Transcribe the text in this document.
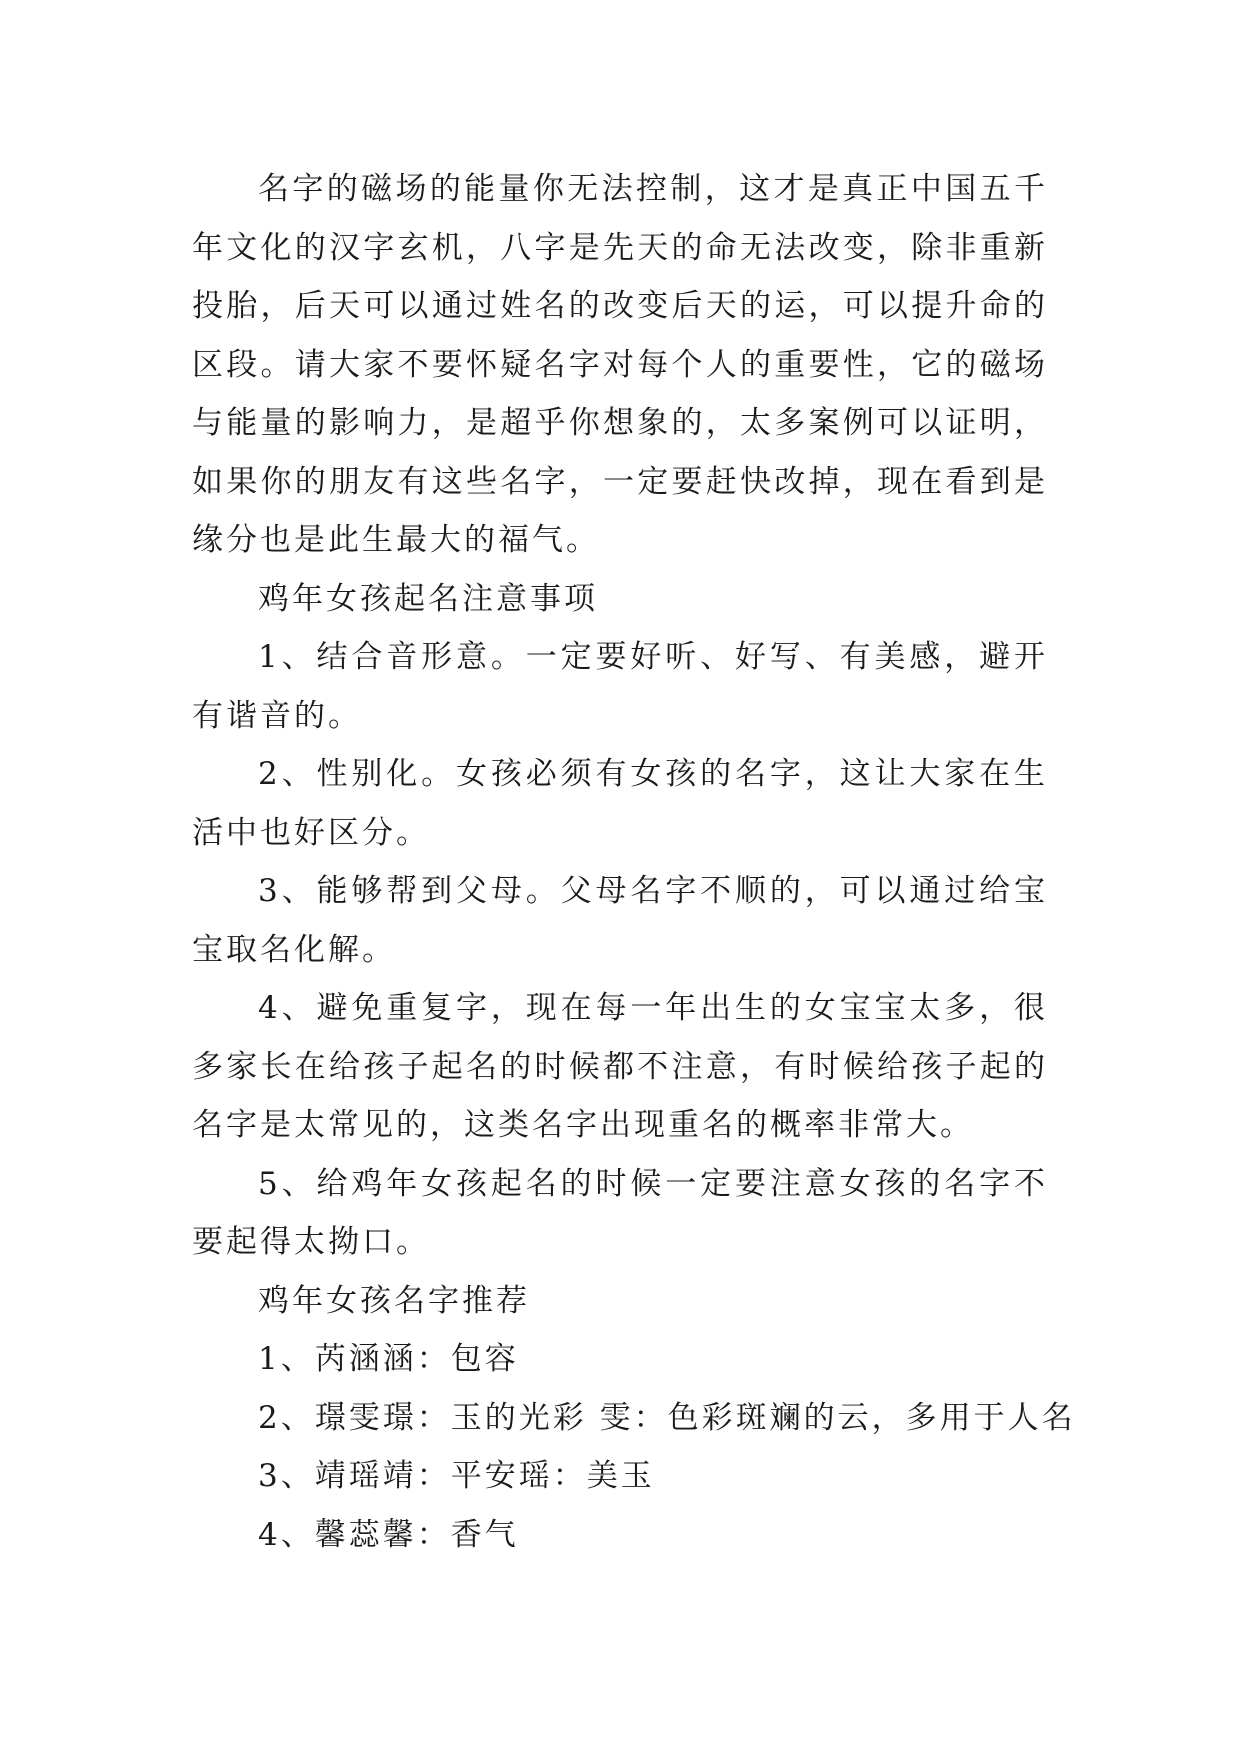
名字的磁场的能量你无法控制，这才是真正中国五千年文化的汉字玄机，八字是先天的命无法改变，除非重新投胎，后天可以通过姓名的改变后天的运，可以提升命的区段。请大家不要怀疑名字对每个人的重要性，它的磁场与能量的影响力，是超乎你想象的，太多案例可以证明，如果你的朋友有这些名字，一定要赶快改掉，现在看到是缘分也是此生最大的福气。

鸡年女孩起名注意事项

1、结合音形意。一定要好听、好写、有美感，避开有谐音的。

2、性别化。女孩必须有女孩的名字，这让大家在生活中也好区分。

3、能够帮到父母。父母名字不顺的，可以通过给宝宝取名化解。

4、避免重复字，现在每一年出生的女宝宝太多，很多家长在给孩子起名的时候都不注意，有时候给孩子起的名字是太常见的，这类名字出现重名的概率非常大。

5、给鸡年女孩起名的时候一定要注意女孩的名字不要起得太拗口。

鸡年女孩名字推荐

1、芮涵涵：包容

2、璟雯璟：玉的光彩 雯：色彩斑斓的云，多用于人名

3、靖瑶靖：平安瑶：美玉

4、馨蕊馨：香气
